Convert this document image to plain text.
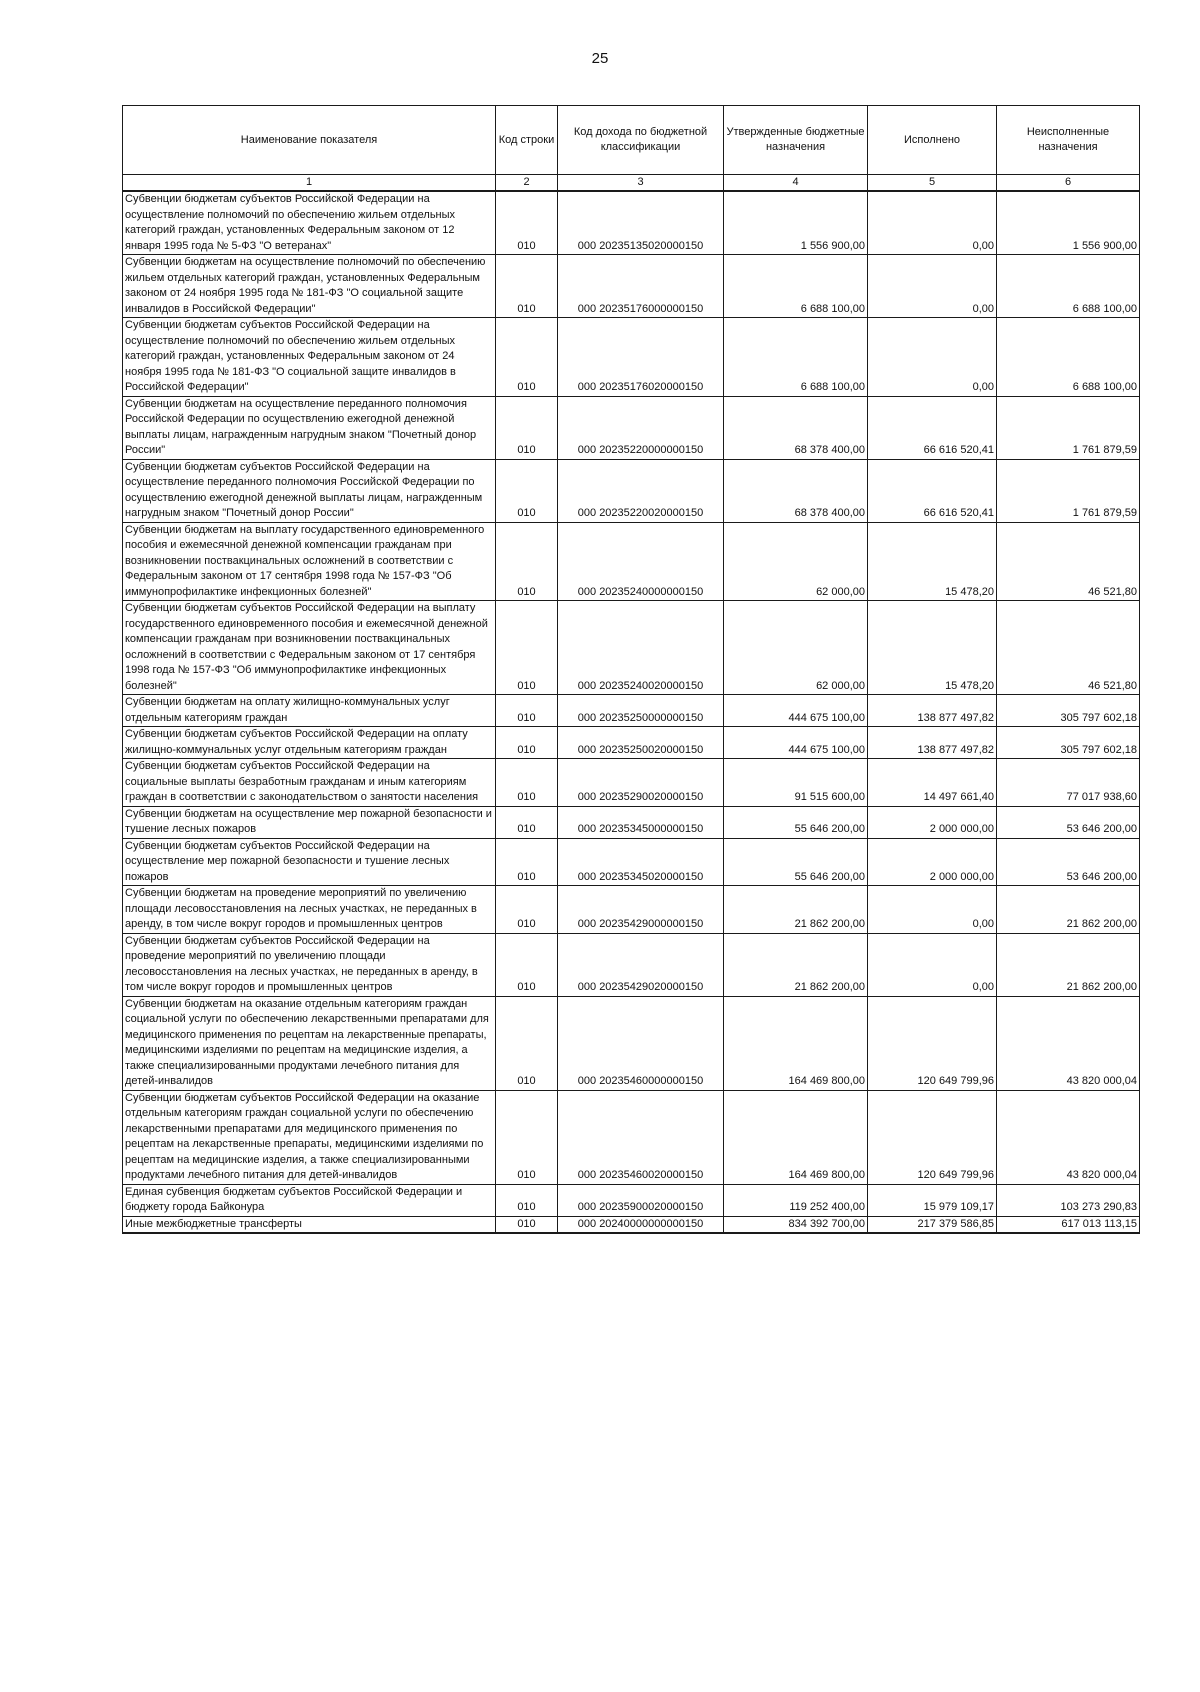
25
Наименование показателя	Код строки	Код дохода по бюджетной классификации	Утвержденные бюджетные назначения	Исполнено	Неисполненные назначения
1	2	3	4	5	6
Субвенции бюджетам субъектов Российской Федерации на осуществление полномочий по обеспечению жильем отдельных категорий граждан, установленных Федеральным законом от 12 января 1995 года № 5-ФЗ "О ветеранах"	010	000 20235135020000150	1 556 900,00	0,00	1 556 900,00
Субвенции бюджетам на осуществление полномочий по обеспечению жильем отдельных категорий граждан, установленных Федеральным законом от 24 ноября 1995 года № 181-ФЗ "О социальной защите инвалидов в Российской Федерации"	010	000 20235176000000150	6 688 100,00	0,00	6 688 100,00
Субвенции бюджетам субъектов Российской Федерации на осуществление полномочий по обеспечению жильем отдельных категорий граждан, установленных Федеральным законом от 24 ноября 1995 года № 181-ФЗ "О социальной защите инвалидов в Российской Федерации"	010	000 20235176020000150	6 688 100,00	0,00	6 688 100,00
Субвенции бюджетам на осуществление переданного полномочия Российской Федерации по осуществлению ежегодной денежной выплаты лицам, награжденным нагрудным знаком "Почетный донор России"	010	000 20235220000000150	68 378 400,00	66 616 520,41	1 761 879,59
Субвенции бюджетам субъектов Российской Федерации на осуществление переданного полномочия Российской Федерации по осуществлению ежегодной денежной выплаты лицам, награжденным нагрудным знаком "Почетный донор России"	010	000 20235220020000150	68 378 400,00	66 616 520,41	1 761 879,59
Субвенции бюджетам на выплату государственного единовременного пособия и ежемесячной денежной компенсации гражданам при возникновении поствакцинальных осложнений в соответствии с Федеральным законом от 17 сентября 1998 года № 157-ФЗ "Об иммунопрофилактике инфекционных болезней"	010	000 20235240000000150	62 000,00	15 478,20	46 521,80
Субвенции бюджетам субъектов Российской Федерации на выплату государственного единовременного пособия и ежемесячной денежной компенсации гражданам при возникновении поствакцинальных осложнений в соответствии с Федеральным законом от 17 сентября 1998 года № 157-ФЗ "Об иммунопрофилактике инфекционных болезней"	010	000 20235240020000150	62 000,00	15 478,20	46 521,80
Субвенции бюджетам на оплату жилищно-коммунальных услуг отдельным категориям граждан	010	000 20235250000000150	444 675 100,00	138 877 497,82	305 797 602,18
Субвенции бюджетам субъектов Российской Федерации на оплату жилищно-коммунальных услуг отдельным категориям граждан	010	000 20235250020000150	444 675 100,00	138 877 497,82	305 797 602,18
Субвенции бюджетам субъектов Российской Федерации на социальные выплаты безработным гражданам и иным категориям граждан в соответствии с законодательством о занятости населения	010	000 20235290020000150	91 515 600,00	14 497 661,40	77 017 938,60
Субвенции бюджетам на осуществление мер пожарной безопасности и тушение лесных пожаров	010	000 20235345000000150	55 646 200,00	2 000 000,00	53 646 200,00
Субвенции бюджетам субъектов Российской Федерации на осуществление мер пожарной безопасности и тушение лесных пожаров	010	000 20235345020000150	55 646 200,00	2 000 000,00	53 646 200,00
Субвенции бюджетам на проведение мероприятий по увеличению площади лесовосстановления на лесных участках, не переданных в аренду, в том числе вокруг городов и промышленных центров	010	000 20235429000000150	21 862 200,00	0,00	21 862 200,00
Субвенции бюджетам субъектов Российской Федерации на проведение мероприятий по увеличению площади лесовосстановления на лесных участках, не переданных в аренду, в том числе вокруг городов и промышленных центров	010	000 20235429020000150	21 862 200,00	0,00	21 862 200,00
Субвенции бюджетам на оказание отдельным категориям граждан социальной услуги по обеспечению лекарственными препаратами для медицинского применения по рецептам на лекарственные препараты, медицинскими изделиями по рецептам на медицинские изделия, а также специализированными продуктами лечебного питания для детей-инвалидов	010	000 20235460000000150	164 469 800,00	120 649 799,96	43 820 000,04
Субвенции бюджетам субъектов Российской Федерации на оказание отдельным категориям граждан социальной услуги по обеспечению лекарственными препаратами для медицинского применения по рецептам на лекарственные препараты, медицинскими изделиями по рецептам на медицинские изделия, а также специализированными продуктами лечебного питания для детей-инвалидов	010	000 20235460020000150	164 469 800,00	120 649 799,96	43 820 000,04
Единая субвенция бюджетам субъектов Российской Федерации и бюджету города Байконура	010	000 20235900020000150	119 252 400,00	15 979 109,17	103 273 290,83
Иные межбюджетные трансферты	010	000 20240000000000150	834 392 700,00	217 379 586,85	617 013 113,15
